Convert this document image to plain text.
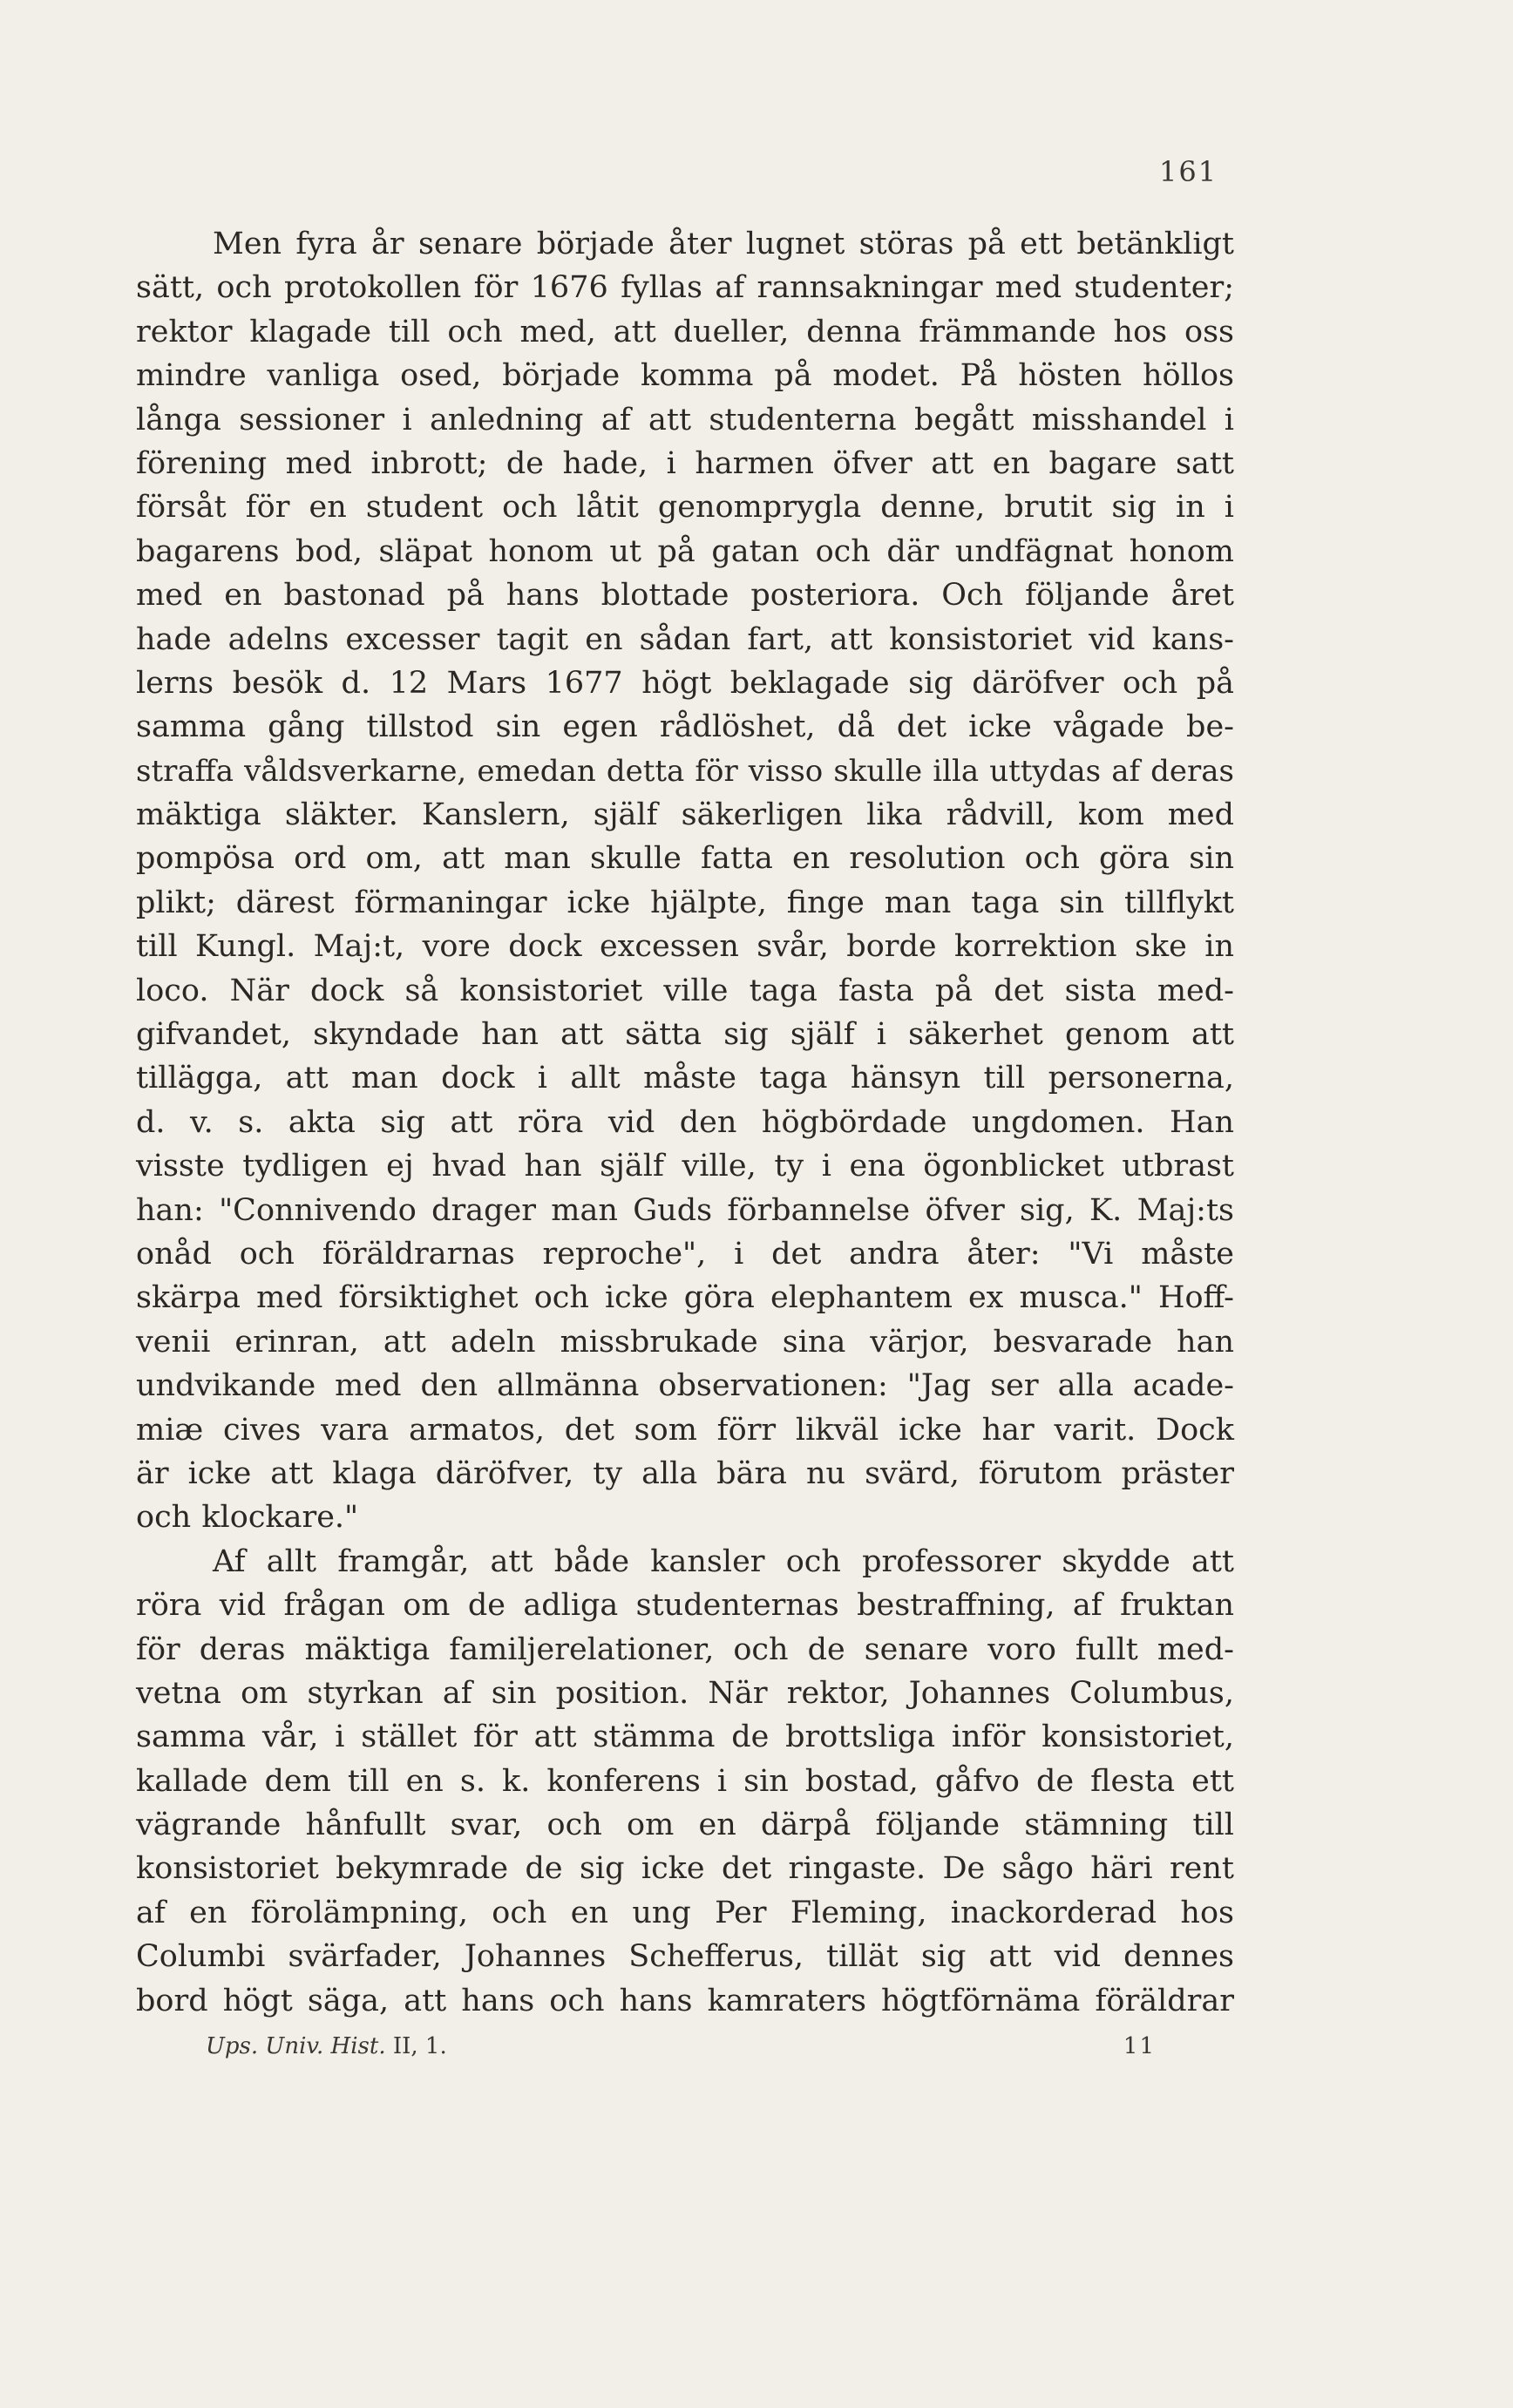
161
Men fyra år senare började åter lugnet störas på ett betänkligt
sätt, och protokollen för 1676 fyllas af rannsakningar med studenter;
rektor klagade till och med, att dueller, denna främmande hos oss
mindre vanliga osed, började komma på modet. På hösten höllos
långa sessioner i anledning af att studenterna begått misshandel i
förening med inbrott; de hade, i harmen öfver att en bagare satt
försåt för en student och låtit genomprygla denne, brutit sig in i
bagarens bod, släpat honom ut på gatan och där undfägnat honom
med en bastonad på hans blottade posteriora. Och följande året
hade adelns excesser tagit en sådan fart, att konsistoriet vid kans-
lerns besök d. 12 Mars 1677 högt beklagade sig däröfver och på
samma gång tillstod sin egen rådlöshet, då det icke vågade be-
straffa våldsverkarne, emedan detta för visso skulle illa uttydas af deras
mäktiga släkter. Kanslern, själf säkerligen lika rådvill, kom med
pompösa ord om, att man skulle fatta en resolution och göra sin
plikt; därest förmaningar icke hjälpte, finge man taga sin tillflykt
till Kungl. Maj:t, vore dock excessen svår, borde korrektion ske in
loco. När dock så konsistoriet ville taga fasta på det sista med-
gifvandet, skyndade han att sätta sig själf i säkerhet genom att
tillägga, att man dock i allt måste taga hänsyn till personerna,
d. v. s. akta sig att röra vid den högbördade ungdomen. Han
visste tydligen ej hvad han själf ville, ty i ena ögonblicket utbrast
han: "Connivendo drager man Guds förbannelse öfver sig, K. Maj:ts
onåd och föräldrarnas reproche", i det andra åter: "Vi måste
skärpa med försiktighet och icke göra elephantem ex musca." Hoff-
venii erinran, att adeln missbrukade sina värjor, besvarade han
undvikande med den allmänna observationen: "Jag ser alla acade-
miæ cives vara armatos, det som förr likväl icke har varit. Dock
är icke att klaga däröfver, ty alla bära nu svärd, förutom präster
och klockare."
Af allt framgår, att både kansler och professorer skydde att
röra vid frågan om de adliga studenternas bestraffning, af fruktan
för deras mäktiga familjerelationer, och de senare voro fullt med-
vetna om styrkan af sin position. När rektor, Johannes Columbus,
samma vår, i stället för att stämma de brottsliga inför konsistoriet,
kallade dem till en s. k. konferens i sin bostad, gåfvo de flesta ett
vägrande hånfullt svar, och om en därpå följande stämning till
konsistoriet bekymrade de sig icke det ringaste. De sågo häri rent
af en förolämpning, och en ung Per Fleming, inackorderad hos
Columbi svärfader, Johannes Schefferus, tillät sig att vid dennes
bord högt säga, att hans och hans kamraters högtförnäma föräldrar
Ups. Univ. Hist. II, 1.	11
